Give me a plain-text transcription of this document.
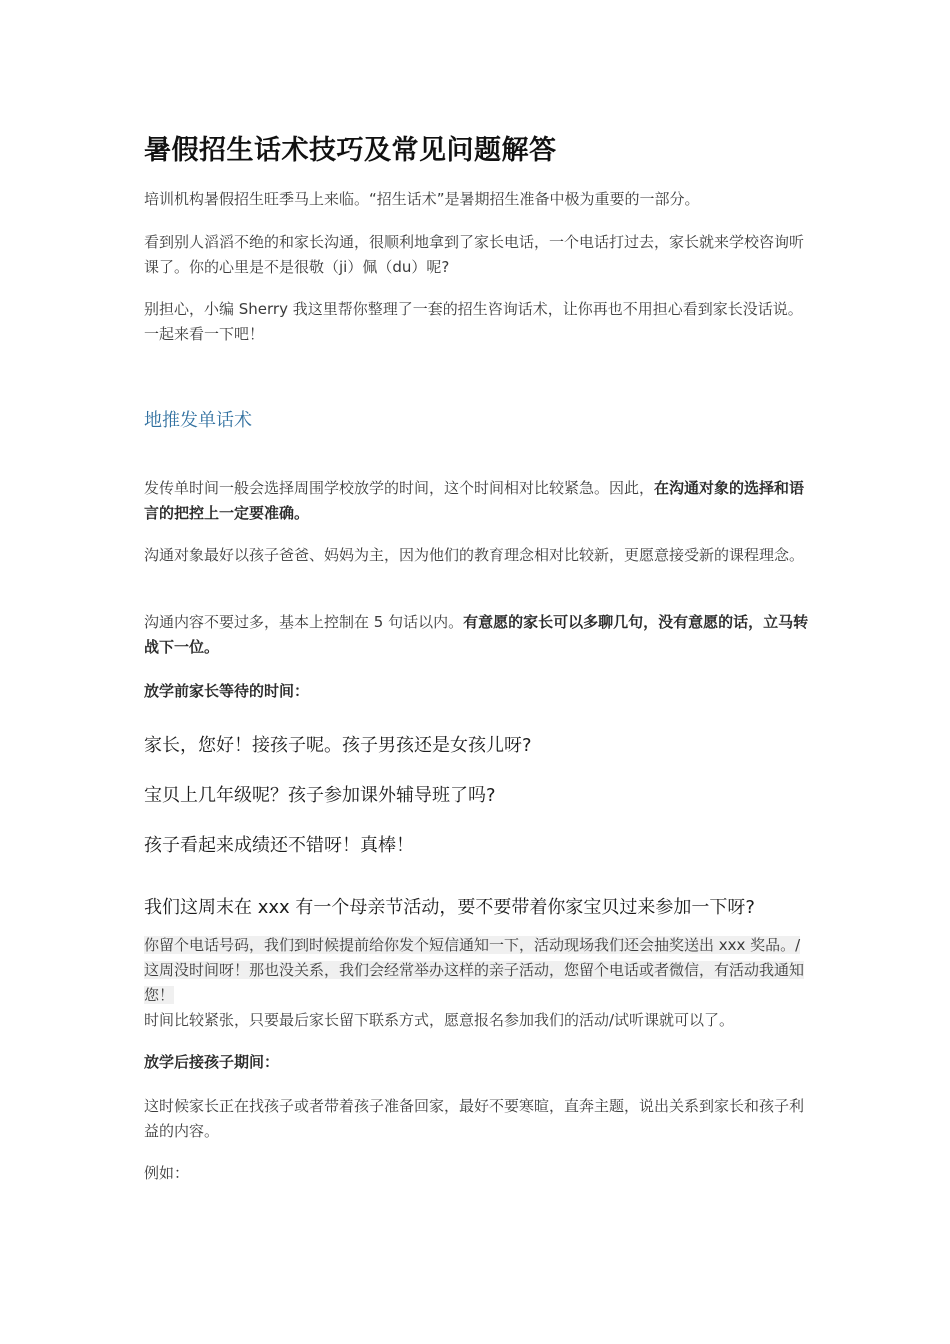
暑假招生话术技巧及常见问题解答

培训机构暑假招生旺季马上来临。“招生话术”是暑期招生准备中极为重要的一部分。

看到别人滔滔不绝的和家长沟通，很顺利地拿到了家长电话，一个电话打过去，家长就来学校咨询听课了。你的心里是不是很敬（ji）佩（du）呢?

别担心，小编 Sherry 我这里帮你整理了一套的招生咨询话术，让你再也不用担心看到家长没话说。一起来看一下吧！

地推发单话术

发传单时间一般会选择周围学校放学的时间，这个时间相对比较紧急。因此，在沟通对象的选择和语言的把控上一定要准确。

沟通对象最好以孩子爸爸、妈妈为主，因为他们的教育理念相对比较新，更愿意接受新的课程理念。

沟通内容不要过多，基本上控制在 5 句话以内。有意愿的家长可以多聊几句，没有意愿的话，立马转战下一位。

放学前家长等待的时间：

家长，您好！接孩子呢。孩子男孩还是女孩儿呀?

宝贝上几年级呢？孩子参加课外辅导班了吗?

孩子看起来成绩还不错呀！真棒！

我们这周末在 xxx 有一个母亲节活动，要不要带着你家宝贝过来参加一下呀?

你留个电话号码，我们到时候提前给你发个短信通知一下，活动现场我们还会抽奖送出 xxx 奖品。/ 这周没时间呀！那也没关系，我们会经常举办这样的亲子活动，您留个电话或者微信，有活动我通知您！
时间比较紧张，只要最后家长留下联系方式，愿意报名参加我们的活动/试听课就可以了。

放学后接孩子期间：

这时候家长正在找孩子或者带着孩子准备回家，最好不要寒暄，直奔主题，说出关系到家长和孩子利益的内容。

例如：
